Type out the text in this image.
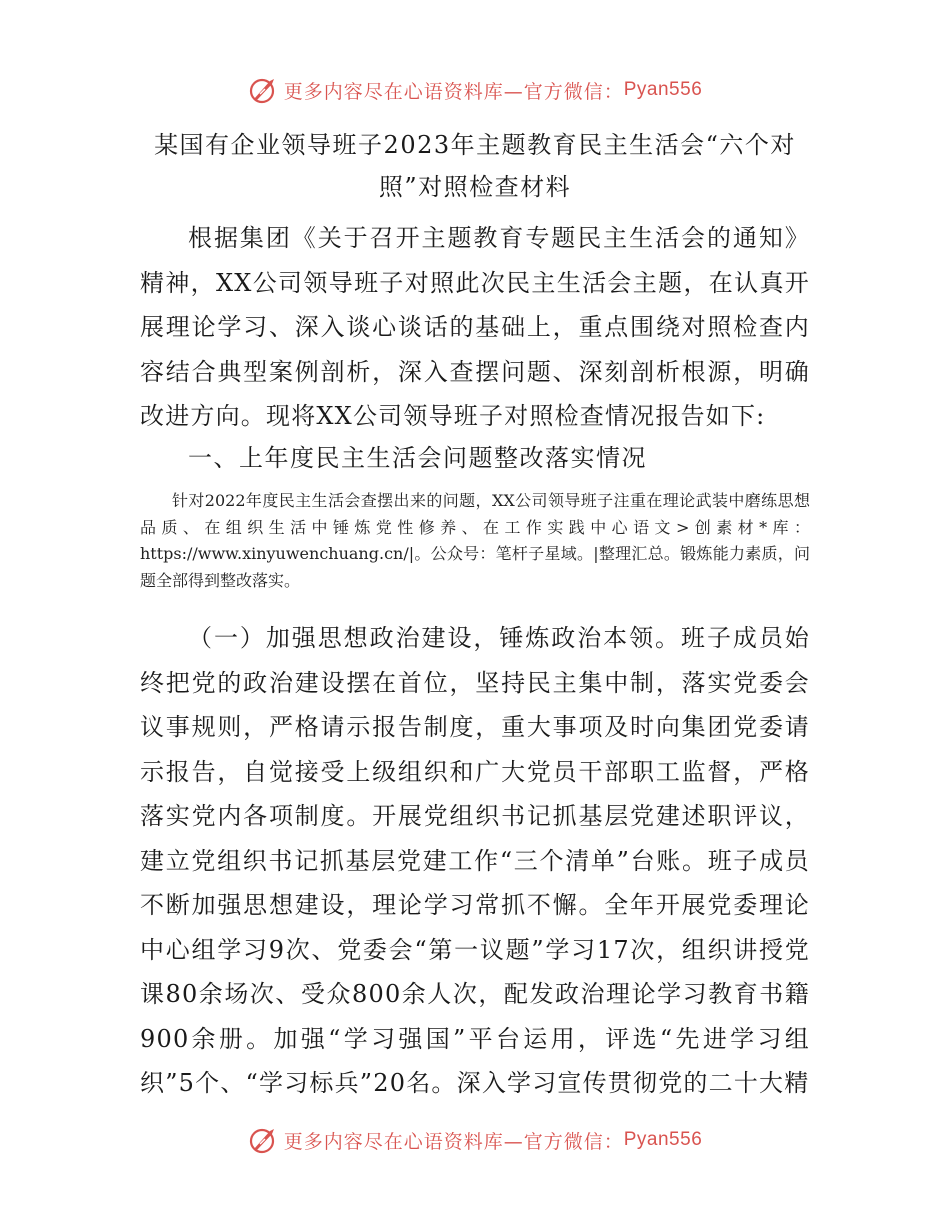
更多内容尽在心语资料库—官方微信： Pyan556
某国有企业领导班子2023年主题教育民主生活会“六个对照”对照检查材料
根据集团《关于召开主题教育专题民主生活会的通知》精神，XX公司领导班子对照此次民主生活会主题，在认真开展理论学习、深入谈心谈话的基础上，重点围绕对照检查内容结合典型案例剖析，深入查摆问题、深刻剖析根源，明确改进方向。现将XX公司领导班子对照检查情况报告如下:
一、上年度民主生活会问题整改落实情况
针对2022年度民主生活会查摆出来的问题，XX公司领导班子注重在理论武装中磨练思想品质、在组织生活中锤炼党性修养、在工作实践中心语文>创素材*库：https://www.xinyuwenchuang.cn/|。公众号：笔杆子星域。|整理汇总。锻炼能力素质，问题全部得到整改落实。
（一）加强思想政治建设，锤炼政治本领。班子成员始终把党的政治建设摆在首位，坚持民主集中制，落实党委会议事规则，严格请示报告制度，重大事项及时向集团党委请示报告，自觉接受上级组织和广大党员干部职工监督，严格落实党内各项制度。开展党组织书记抓基层党建述职评议，建立党组织书记抓基层党建工作“三个清单”台账。班子成员不断加强思想建设，理论学习常抓不懈。全年开展党委理论中心组学习9次、党委会“第一议题”学习17次，组织讲授党课80余场次、受众800余人次，配发政治理论学习教育书籍900余册。加强“学习强国”平台运用，评选“先进学习组织”5个、“学习标兵”20名。深入学习宣传贯彻党的二十大精
更多内容尽在心语资料库—官方微信： Pyan556
